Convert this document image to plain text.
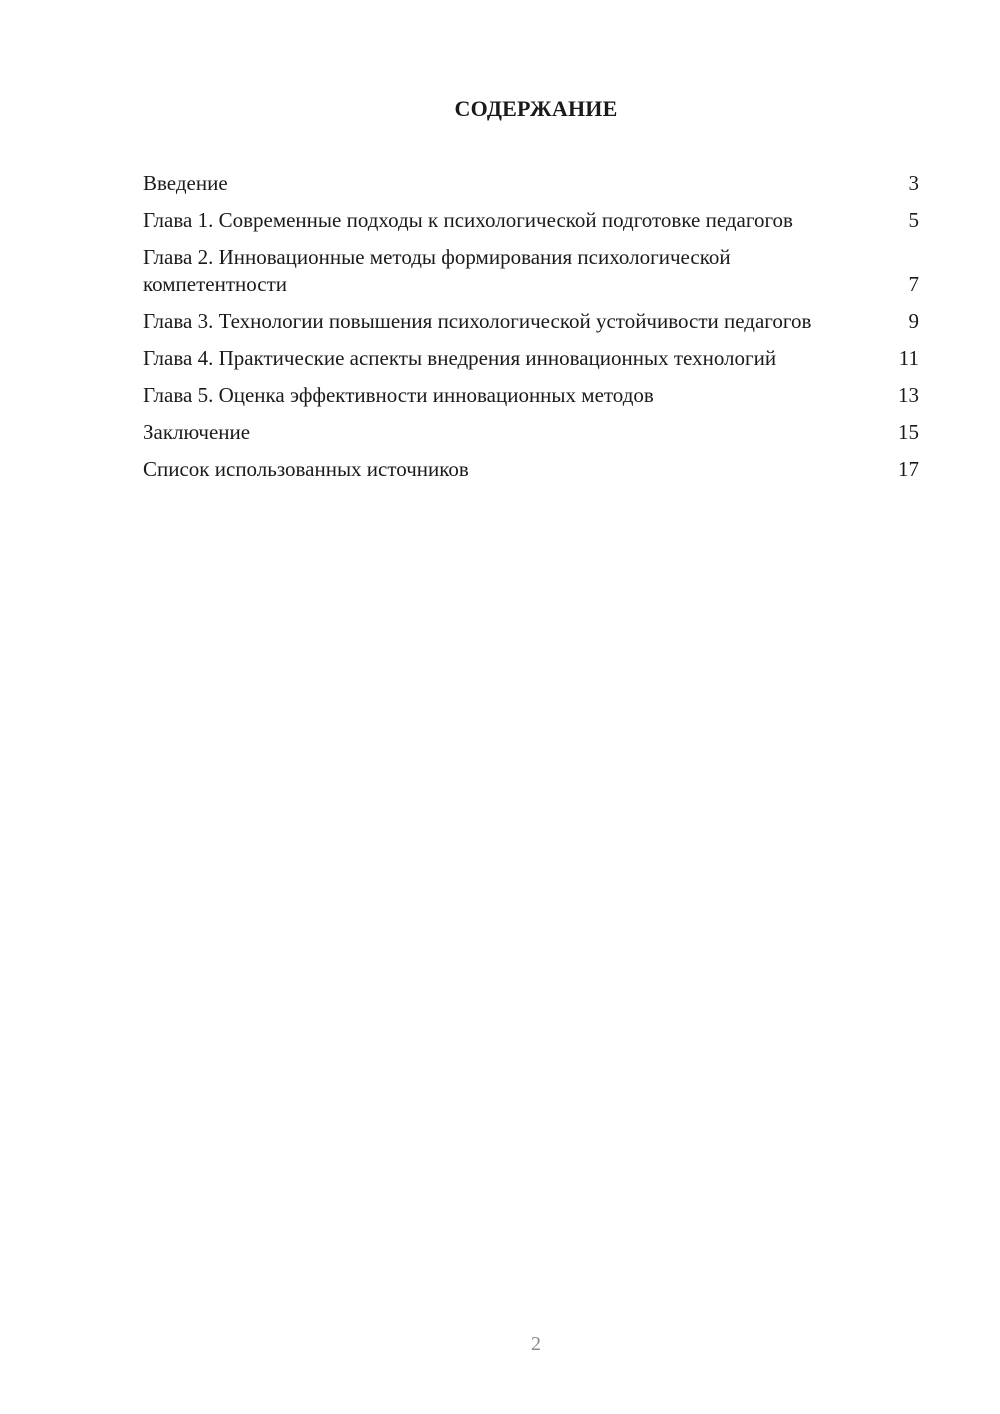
СОДЕРЖАНИЕ
Введение	3
Глава 1. Современные подходы к психологической подготовке педагогов	5
Глава 2. Инновационные методы формирования психологической компетентности	7
Глава 3. Технологии повышения психологической устойчивости педагогов	9
Глава 4. Практические аспекты внедрения инновационных технологий	11
Глава 5. Оценка эффективности инновационных методов	13
Заключение	15
Список использованных источников	17
2
